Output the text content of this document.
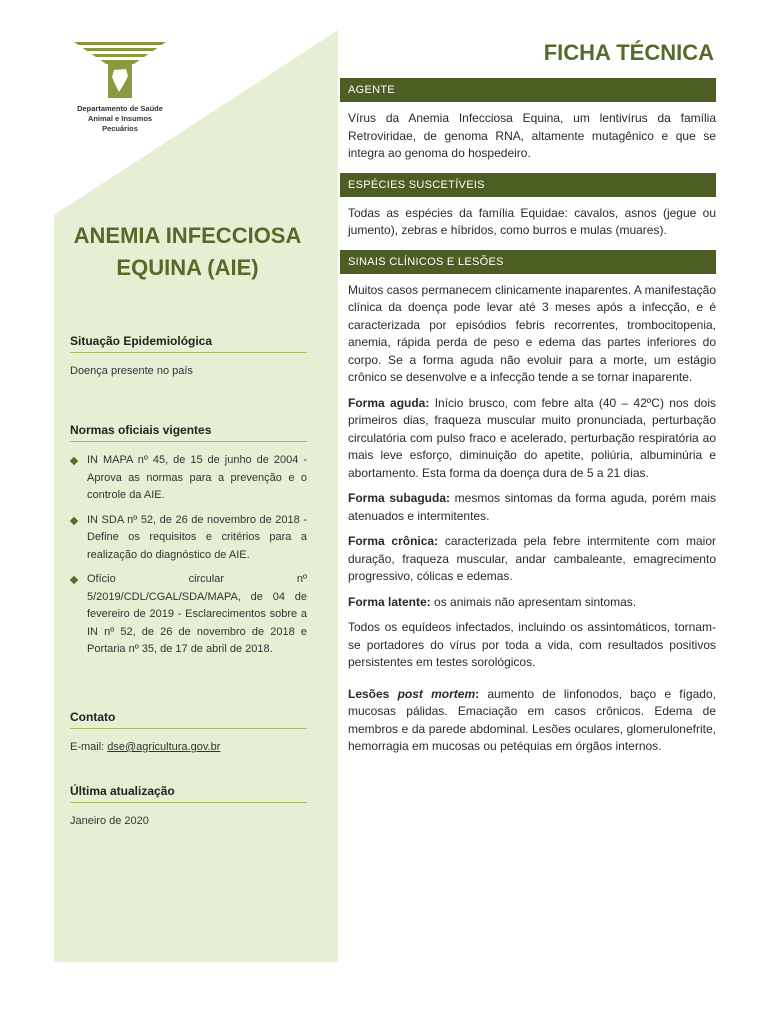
Departamento de Saúde
Animal e Insumos
Pecuários
ANEMIA INFECCIOSA
EQUINA (AIE)
Situação Epidemiológica
Doença presente no país
Normas oficiais vigentes
IN MAPA nº 45, de 15 de junho de 2004 - Aprova as normas para a prevenção e o controle da AIE.
IN SDA nº 52, de 26 de novembro de 2018 - Define os requisitos e critérios para a realização do diagnóstico de AIE.
Ofício circular nº 5/2019/CDL/CGAL/SDA/MAPA, de 04 de fevereiro de 2019 - Esclarecimentos sobre a IN nº 52, de 26 de novembro de 2018 e Portaria nº 35, de 17 de abril de 2018.
Contato
E-mail: dse@agricultura.gov.br
Última atualização
Janeiro de 2020
FICHA TÉCNICA
AGENTE
Vírus da Anemia Infecciosa Equina, um lentivírus da família Retroviridae, de genoma RNA, altamente mutagênico e que se integra ao genoma do hospedeiro.
ESPÉCIES SUSCETÍVEIS
Todas as espécies da família Equidae: cavalos, asnos (jegue ou jumento), zebras e híbridos, como burros e mulas (muares).
SINAIS CLÍNICOS E LESÕES
Muitos casos permanecem clinicamente inaparentes. A manifestação clínica da doença pode levar até 3 meses após a infecção, e é caracterizada por episódios febris recorrentes, trombocitopenia, anemia, rápida perda de peso e edema das partes inferiores do corpo. Se a forma aguda não evoluir para a morte, um estágio crônico se desenvolve e a infecção tende a se tornar inaparente.
Forma aguda: Início brusco, com febre alta (40 – 42ºC) nos dois primeiros dias, fraqueza muscular muito pronunciada, perturbação circulatória com pulso fraco e acelerado, perturbação respiratória ao mais leve esforço, diminuição do apetite, poliúria, albuminúria e abortamento. Esta forma da doença dura de 5 a 21 dias.
Forma subaguda: mesmos sintomas da forma aguda, porém mais atenuados e intermitentes.
Forma crônica: caracterizada pela febre intermitente com maior duração, fraqueza muscular, andar cambaleante, emagrecimento progressivo, cólicas e edemas.
Forma latente: os animais não apresentam sintomas.
Todos os equídeos infectados, incluindo os assintomáticos, tornam-se portadores do vírus por toda a vida, com resultados positivos persistentes em testes sorológicos.
Lesões post mortem: aumento de linfonodos, baço e fígado, mucosas pálidas. Emaciação em casos crônicos. Edema de membros e da parede abdominal. Lesões oculares, glomerulonefrite, hemorragia em mucosas ou petéquias em órgãos internos.
